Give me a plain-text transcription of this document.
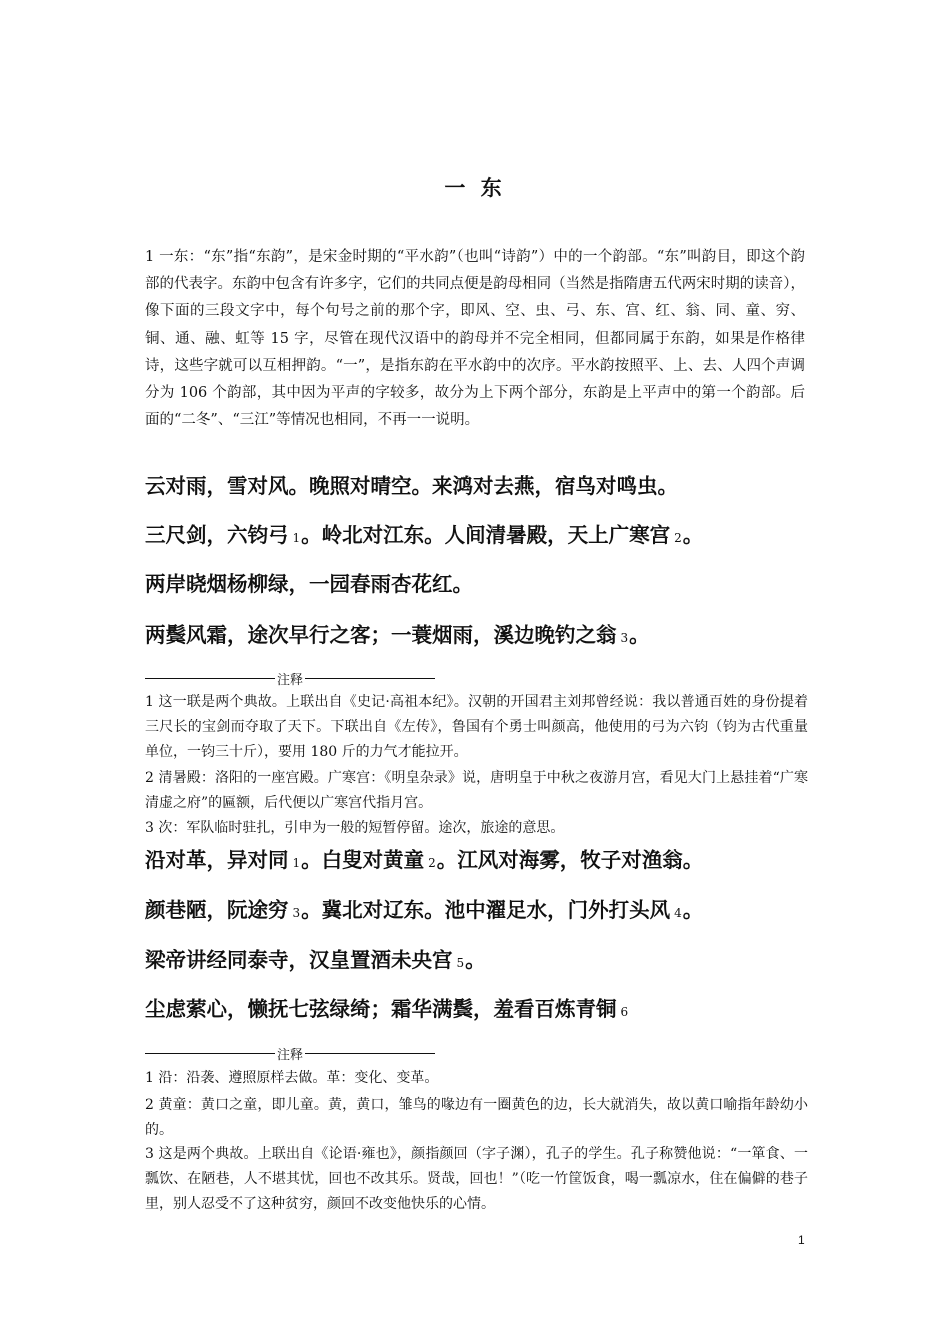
一 东
1 一东：“东”指“东韵”，是宋金时期的“平水韵”（也叫“诗韵”）中的一个韵部。“东”叫韵目，即这个韵部的代表字。东韵中包含有许多字，它们的共同点便是韵母相同（当然是指隋唐五代两宋时期的读音），像下面的三段文字中，每个句号之前的那个字，即风、空、虫、弓、东、宫、红、翁、同、童、穷、铜、通、融、虹等 15 字，尽管在现代汉语中的韵母并不完全相同，但都同属于东韵，如果是作格律诗，这些字就可以互相押韵。“一”，是指东韵在平水韵中的次序。平水韵按照平、上、去、人四个声调分为 106 个韵部，其中因为平声的字较多，故分为上下两个部分，东韵是上平声中的第一个韵部。后面的“二冬”、“三江”等情况也相同，不再一一说明。
云对雨，雪对风。晚照对晴空。来鸿对去燕，宿鸟对鸣虫。
三尺剑，六钧弓 1。岭北对江东。人间清暑殿，天上广寒宫 2。
两岸晓烟杨柳绿，一园春雨杏花红。
两鬓风霜，途次早行之客；一蓑烟雨，溪边晚钓之翁 3。
注释
1 这一联是两个典故。上联出自《史记·高祖本纪》。汉朝的开国君主刘邦曾经说：我以普通百姓的身份提着三尺长的宝剑而夺取了天下。下联出自《左传》，鲁国有个勇士叫颜高，他使用的弓为六钧（钧为古代重量单位，一钧三十斤），要用 180 斤的力气才能拉开。
2 清暑殿：洛阳的一座宫殿。广寒宫：《明皇杂录》说，唐明皇于中秋之夜游月宫，看见大门上悬挂着“广寒清虚之府”的匾额，后代便以广寒宫代指月宫。
3 次：军队临时驻扎，引申为一般的短暂停留。途次，旅途的意思。
沿对革，异对同 1。白叟对黄童 2。江风对海雾，牧子对渔翁。
颜巷陋，阮途穷 3。冀北对辽东。池中濯足水，门外打头风 4。
梁帝讲经同泰寺，汉皇置酒未央宫 5。
尘虑萦心，懒抚七弦绿绮；霜华满鬓，羞看百炼青铜 6
注释
1 沿：沿袭、遵照原样去做。革：变化、变革。
2 黄童：黄口之童，即儿童。黄，黄口，雏鸟的喙边有一圈黄色的边，长大就消失，故以黄口喻指年龄幼小的。
3 这是两个典故。上联出自《论语·雍也》，颜指颜回（字子渊），孔子的学生。孔子称赞他说：“一箪食、一瓢饮、在陋巷，人不堪其忧，回也不改其乐。贤哉，回也！”（吃一竹筐饭食，喝一瓢凉水，住在偏僻的巷子里，别人忍受不了这种贫穷，颜回不改变他快乐的心情。
1
